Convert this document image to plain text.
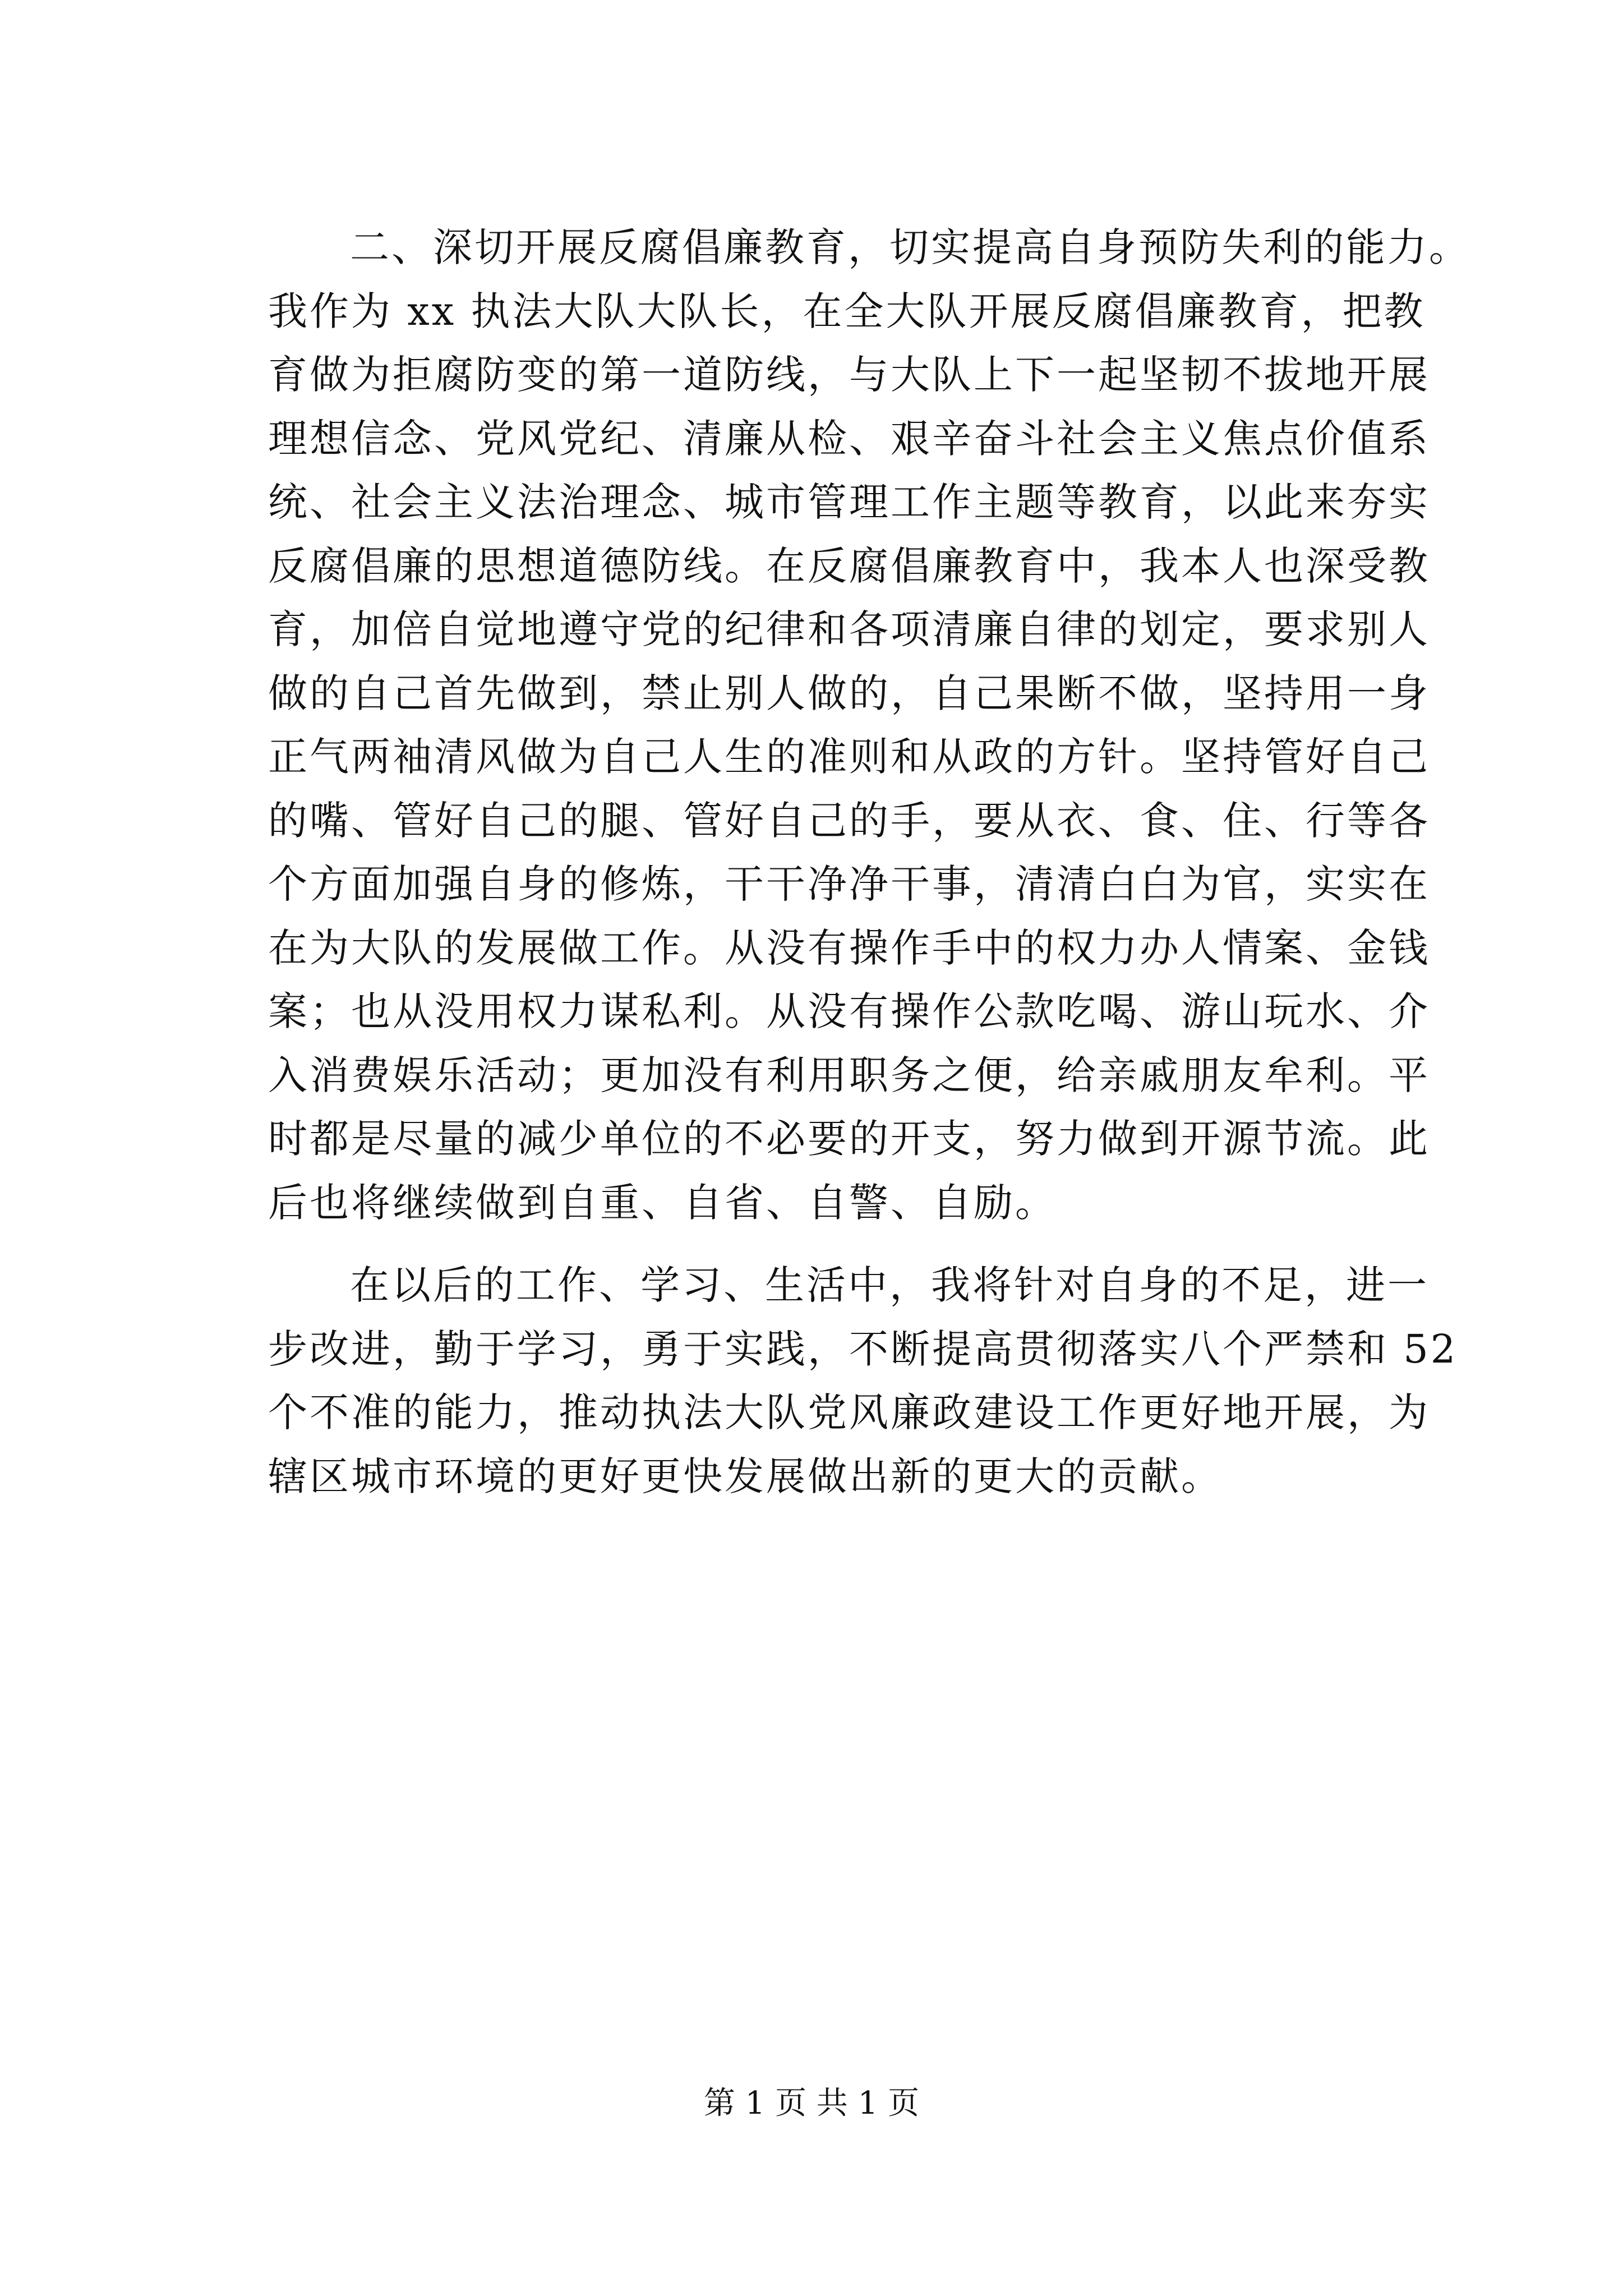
二、深切开展反腐倡廉教育，切实提高自身预防失利的能力。
我作为 xx 执法大队大队长，在全大队开展反腐倡廉教育，把教
育做为拒腐防变的第一道防线，与大队上下一起坚韧不拔地开展
理想信念、党风党纪、清廉从检、艰辛奋斗社会主义焦点价值系
统、社会主义法治理念、城市管理工作主题等教育，以此来夯实
反腐倡廉的思想道德防线。在反腐倡廉教育中，我本人也深受教
育，加倍自觉地遵守党的纪律和各项清廉自律的划定，要求别人
做的自己首先做到，禁止别人做的，自己果断不做，坚持用一身
正气两袖清风做为自己人生的准则和从政的方针。坚持管好自己
的嘴、管好自己的腿、管好自己的手，要从衣、食、住、行等各
个方面加强自身的修炼，干干净净干事，清清白白为官，实实在
在为大队的发展做工作。从没有操作手中的权力办人情案、金钱
案；也从没用权力谋私利。从没有操作公款吃喝、游山玩水、介
入消费娱乐活动；更加没有利用职务之便，给亲戚朋友牟利。平
时都是尽量的减少单位的不必要的开支，努力做到开源节流。此
后也将继续做到自重、自省、自警、自励。
在以后的工作、学习、生活中，我将针对自身的不足，进一
步改进，勤于学习，勇于实践，不断提高贯彻落实八个严禁和 52
个不准的能力，推动执法大队党风廉政建设工作更好地开展，为
辖区城市环境的更好更快发展做出新的更大的贡献。
第 1 页 共 1 页
